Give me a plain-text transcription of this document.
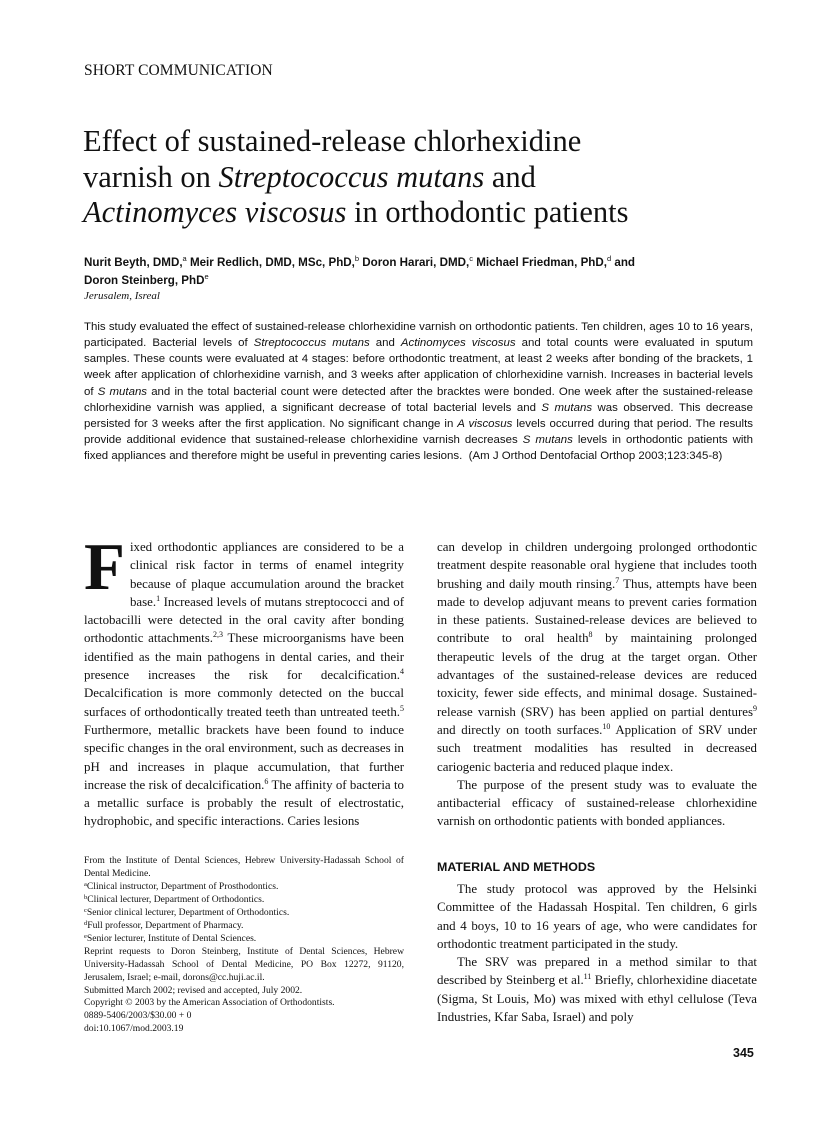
SHORT COMMUNICATION
Effect of sustained-release chlorhexidine
varnish on Streptococcus mutans and
Actinomyces viscosus in orthodontic patients
Nurit Beyth, DMD,$^a$ Meir Redlich, DMD, MSc, PhD,$^b$ Doron Harari, DMD,$^c$ Michael Friedman, PhD,$^d$ and
Doron Steinberg, PhD$^e$
Jerusalem, Isreal

This study evaluated the effect of sustained-release chlorhexidine varnish on orthodontic patients. Ten children, ages 10 to 16 years, participated. Bacterial levels of Streptococcus mutans and Actinomyces viscosus and total counts were evaluated in sputum samples. These counts were evaluated at 4 stages: before orthodontic treatment, at least 2 weeks after bonding of the brackets, 1 week after application of chlorhexidine varnish, and 3 weeks after application of chlorhexidine varnish. Increases in bacterial levels of S mutans and in the total bacterial count were detected after the bracktes were bonded. One week after the sustained-release chlorhexidine varnish was applied, a significant decrease of total bacterial levels and S mutans was observed. This decrease persisted for 3 weeks after the first application. No significant change in A viscosus levels occurred during that period. The results provide additional evidence that sustained-release chlorhexidine varnish decreases S mutans levels in orthodontic patients with fixed appliances and therefore might be useful in preventing caries lesions. (Am J Orthod Dentofacial Orthop 2003;123:345-8)

Fixed orthodontic appliances are considered to be a clinical risk factor in terms of enamel integrity because of plaque accumulation around the bracket base.$^1$ Increased levels of mutans streptococci and of lactobacilli were detected in the oral cavity after bonding orthodontic attachments.$^{2,3}$ These microorganisms have been identified as the main pathogens in dental caries, and their presence increases the risk for decalcification.$^4$ Decalcification is more commonly detected on the buccal surfaces of orthodontically treated teeth than untreated teeth.$^5$ Furthermore, metallic brackets have been found to induce specific changes in the oral environment, such as decreases in pH and increases in plaque accumulation, that further increase the risk of decalcification.$^6$ The affinity of bacteria to a metallic surface is probably the result of electrostatic, hydrophobic, and specific interactions. Caries lesions

can develop in children undergoing prolonged orthodontic treatment despite reasonable oral hygiene that includes tooth brushing and daily mouth rinsing.$^7$ Thus, attempts have been made to develop adjuvant means to prevent caries formation in these patients. Sustained-release devices are believed to contribute to oral health$^8$ by maintaining prolonged therapeutic levels of the drug at the target organ. Other advantages of the sustained-release devices are reduced toxicity, fewer side effects, and minimal dosage. Sustained-release varnish (SRV) has been applied on partial dentures$^9$ and directly on tooth surfaces.$^{10}$ Application of SRV under such treatment modalities has resulted in decreased cariogenic bacteria and reduced plaque index.

The purpose of the present study was to evaluate the antibacterial efficacy of sustained-release chlorhexidine varnish on orthodontic patients with bonded appliances.

From the Institute of Dental Sciences, Hebrew University-Hadassah School of Dental Medicine.
$^a$Clinical instructor, Department of Prosthodontics.
$^b$Clinical lecturer, Department of Orthodontics.
$^c$Senior clinical lecturer, Department of Orthodontics.
$^d$Full professor, Department of Pharmacy.
$^e$Senior lecturer, Institute of Dental Sciences.
Reprint requests to Doron Steinberg, Institute of Dental Sciences, Hebrew University-Hadassah School of Dental Medicine, PO Box 12272, 91120, Jerusalem, Israel; e-mail, dorons@cc.huji.ac.il.
Submitted March 2002; revised and accepted, July 2002.
Copyright © 2003 by the American Association of Orthodontists.
0889-5406/2003/$30.00 + 0
doi:10.1067/mod.2003.19
MATERIAL AND METHODS

The study protocol was approved by the Helsinki Committee of the Hadassah Hospital. Ten children, 6 girls and 4 boys, 10 to 16 years of age, who were candidates for orthodontic treatment participated in the study.

The SRV was prepared in a method similar to that described by Steinberg et al.$^{11}$ Briefly, chlorhexidine diacetate (Sigma, St Louis, Mo) was mixed with ethyl cellulose (Teva Industries, Kfar Saba, Israel) and poly

345
